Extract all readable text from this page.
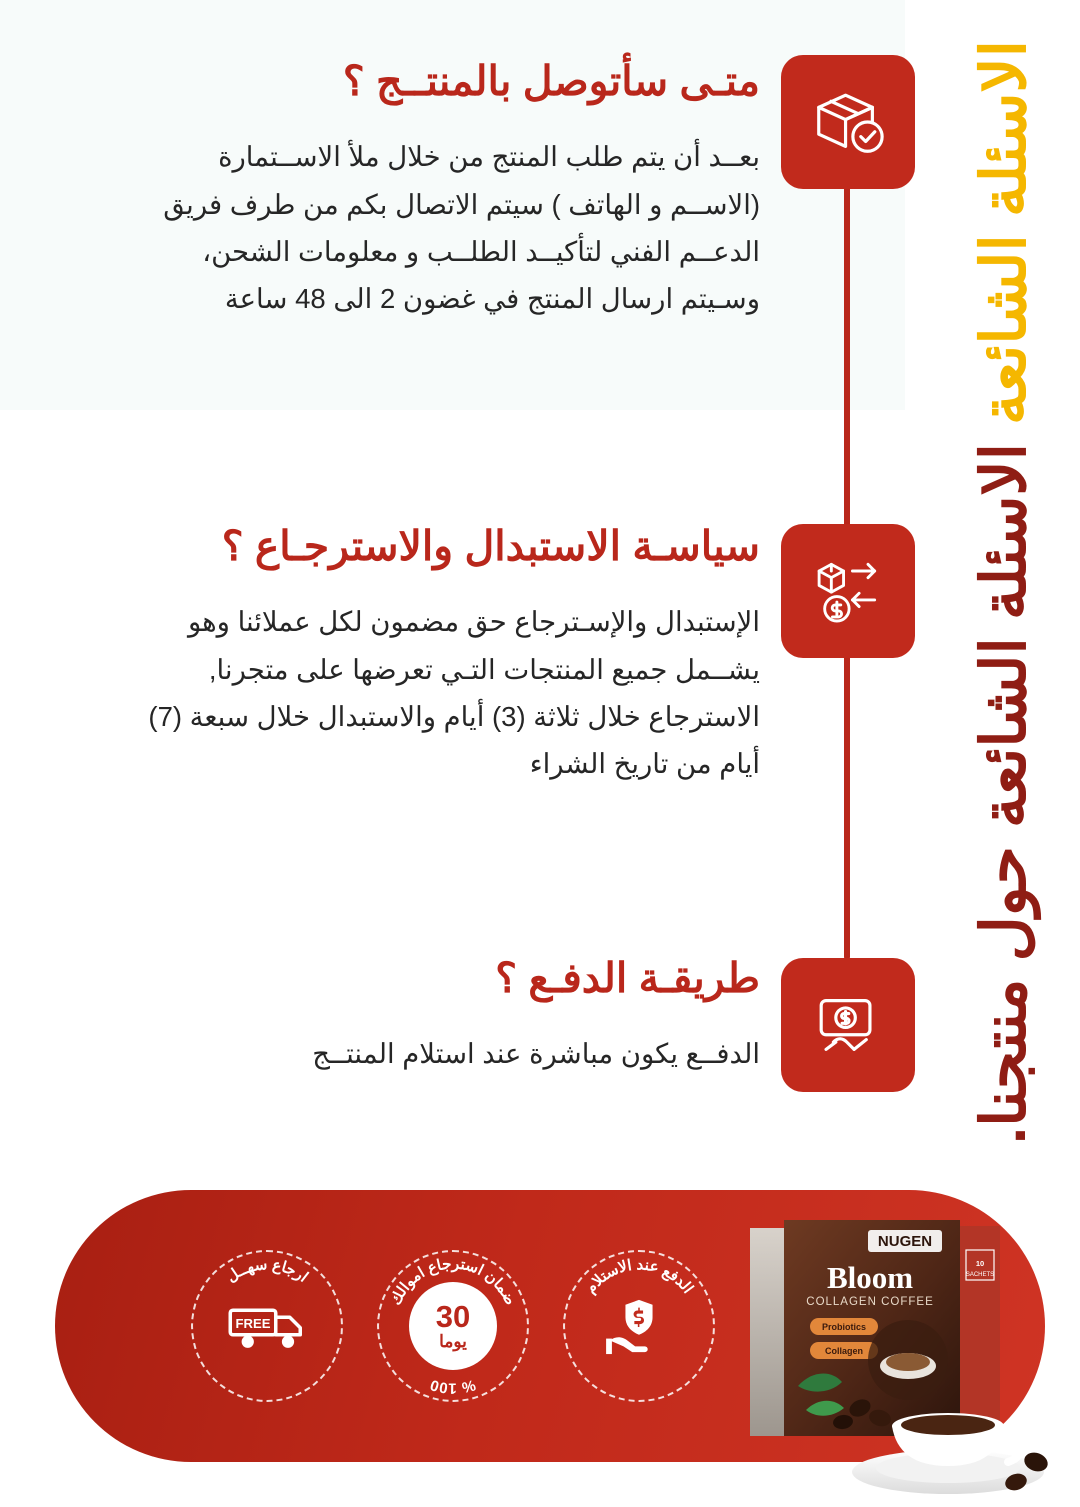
الاسئلة الشائعة
الاسئلة الشائعة
حول منتجنا.
متـى سأتوصل بالمنتــج ؟
بعــد أن يتم طلب المنتج من خلال ملأ الاســتمارة (الاســم و الهاتف ) سيتم الاتصال بكم من طرف فريق الدعــم الفني لتأكيــد الطلــب و معلومات الشحن، وسـيتم ارسال المنتج في غضون 2 الى 48 ساعة
سياسـة الاستبدال والاسترجـاع ؟
الإستبدال والإسـترجاع حق مضمون لكل عملائنا وهو يشــمل جميع المنتجات التـي تعرضها على متجرنا, الاسترجاع خلال ثلاثة (3) أيام والاستبدال خلال سبعة (7) أيام من تاريخ الشراء
طريقـة الدفـع ؟
الدفــع يكون مباشرة عند استلام المنتــج
الدفع عند الاستلام
ضمان استرجاع اموالك
100 %
30
يوما
ارجاع سهــل
FREE
10
SACHETS
NUGEN
Bloom
COLLAGEN COFFEE
Probiotics
Collagen
